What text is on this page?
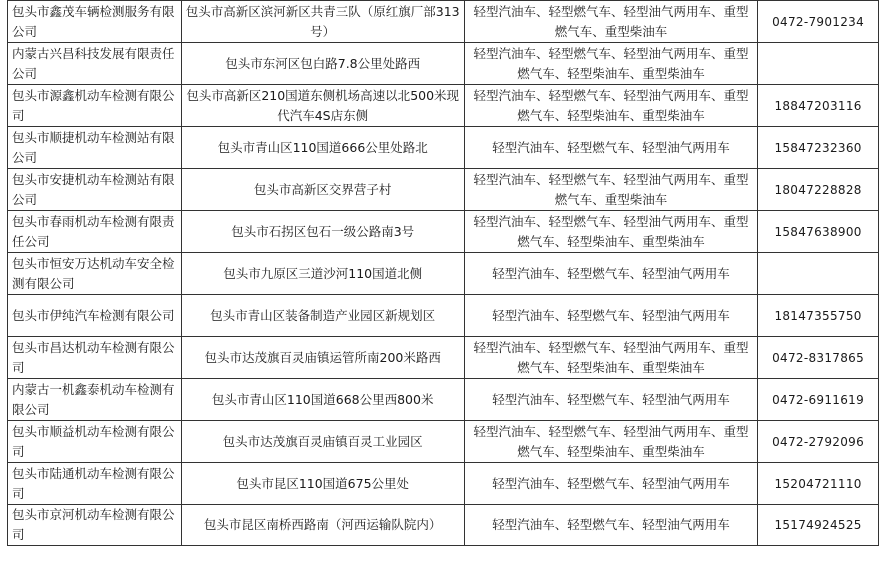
包头市鑫茂车辆检测服务有限公司	包头市高新区滨河新区共青三队（原红旗厂部313号）	轻型汽油车、轻型燃气车、轻型油气两用车、重型燃气车、重型柴油车	0472-7901234
内蒙古兴昌科技发展有限责任公司	包头市东河区包白路7.8公里处路西	轻型汽油车、轻型燃气车、轻型油气两用车、重型燃气车、轻型柴油车、重型柴油车	
包头市源鑫机动车检测有限公司	包头市高新区210国道东侧机场高速以北500米现代汽车4S店东侧	轻型汽油车、轻型燃气车、轻型油气两用车、重型燃气车、轻型柴油车、重型柴油车	18847203116
包头市顺捷机动车检测站有限公司	包头市青山区110国道666公里处路北	轻型汽油车、轻型燃气车、轻型油气两用车	15847232360
包头市安捷机动车检测站有限公司	包头市高新区交界营子村	轻型汽油车、轻型燃气车、轻型油气两用车、重型燃气车、重型柴油车	18047228828
包头市春雨机动车检测有限责任公司	包头市石拐区包石一级公路南3号	轻型汽油车、轻型燃气车、轻型油气两用车、重型燃气车、轻型柴油车、重型柴油车	15847638900
包头市恒安万达机动车安全检测有限公司	包头市九原区三道沙河110国道北侧	轻型汽油车、轻型燃气车、轻型油气两用车	
包头市伊纯汽车检测有限公司	包头市青山区装备制造产业园区新规划区	轻型汽油车、轻型燃气车、轻型油气两用车	18147355750
包头市昌达机动车检测有限公司	包头市达茂旗百灵庙镇运管所南200米路西	轻型汽油车、轻型燃气车、轻型油气两用车、重型燃气车、轻型柴油车、重型柴油车	0472-8317865
内蒙古一机鑫泰机动车检测有限公司	包头市青山区110国道668公里西800米	轻型汽油车、轻型燃气车、轻型油气两用车	0472-6911619
包头市顺益机动车检测有限公司	包头市达茂旗百灵庙镇百灵工业园区	轻型汽油车、轻型燃气车、轻型油气两用车、重型燃气车、轻型柴油车、重型柴油车	0472-2792096
包头市陆通机动车检测有限公司	包头市昆区110国道675公里处	轻型汽油车、轻型燃气车、轻型油气两用车	15204721110
包头市京河机动车检测有限公司	包头市昆区南桥西路南（河西运输队院内）	轻型汽油车、轻型燃气车、轻型油气两用车	15174924525
